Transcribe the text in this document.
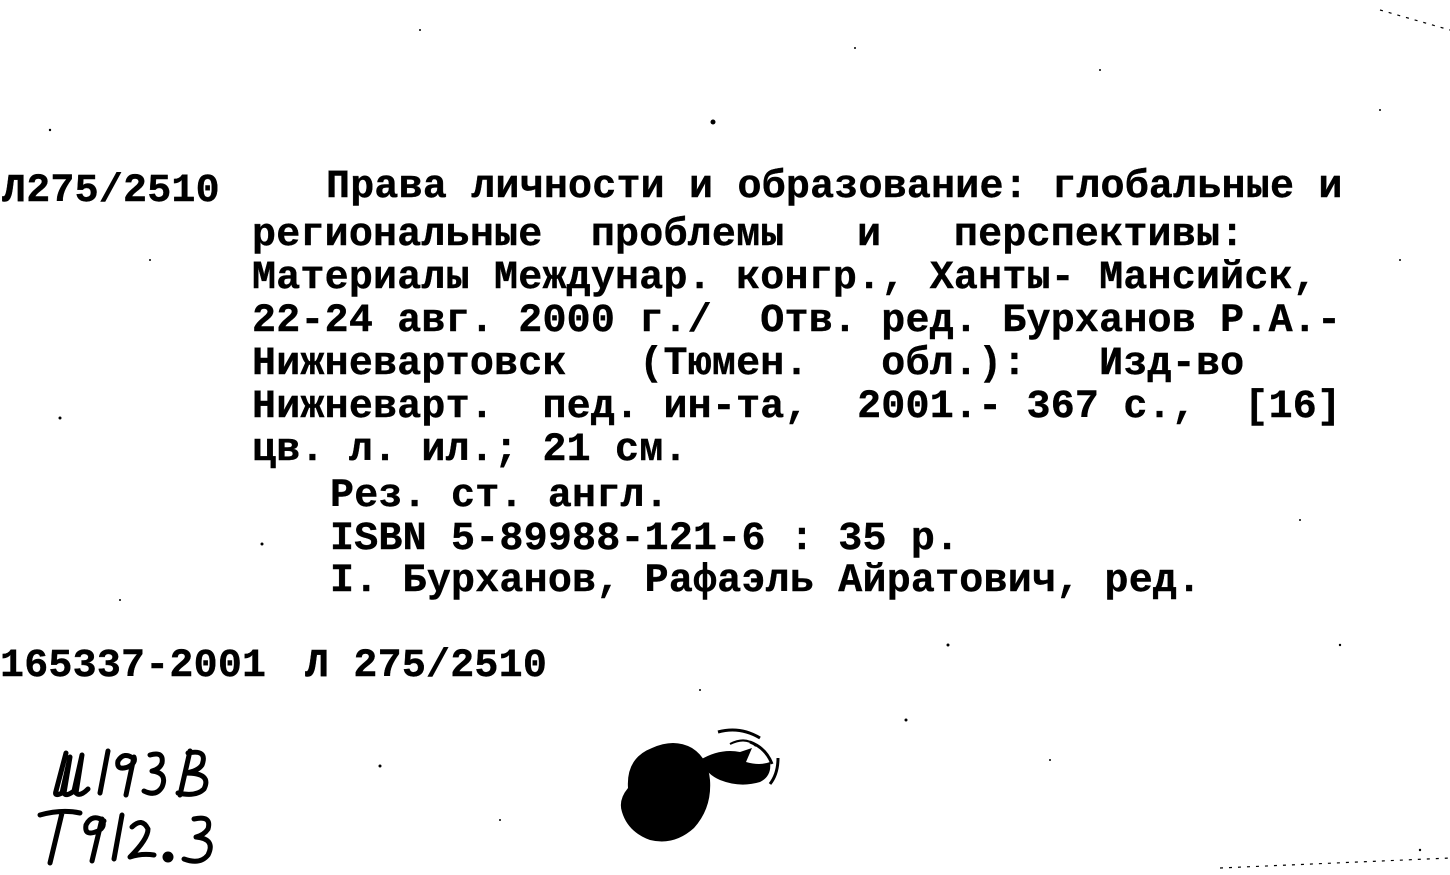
Л275/2510	Права личности и образование: глобальные и
региональные  проблемы   и   перспективы:
Материалы Междунар. конгр., Ханты- Мансийск,
22-24 авг. 2000 г./  Отв. ред. Бурханов Р.А.-
Нижневартовск   (Тюмен.   обл.):   Изд-во
Нижневарт.  пед. ин-та,  2001.- 367 с.,  [16]
цв. л. ил.; 21 см.
Рез. ст. англ.
ISBN 5-89988-121-6 : 35 р.
I. Бурханов, Рафаэль Айратович, ред.
165337-2001 Л 275/2510
